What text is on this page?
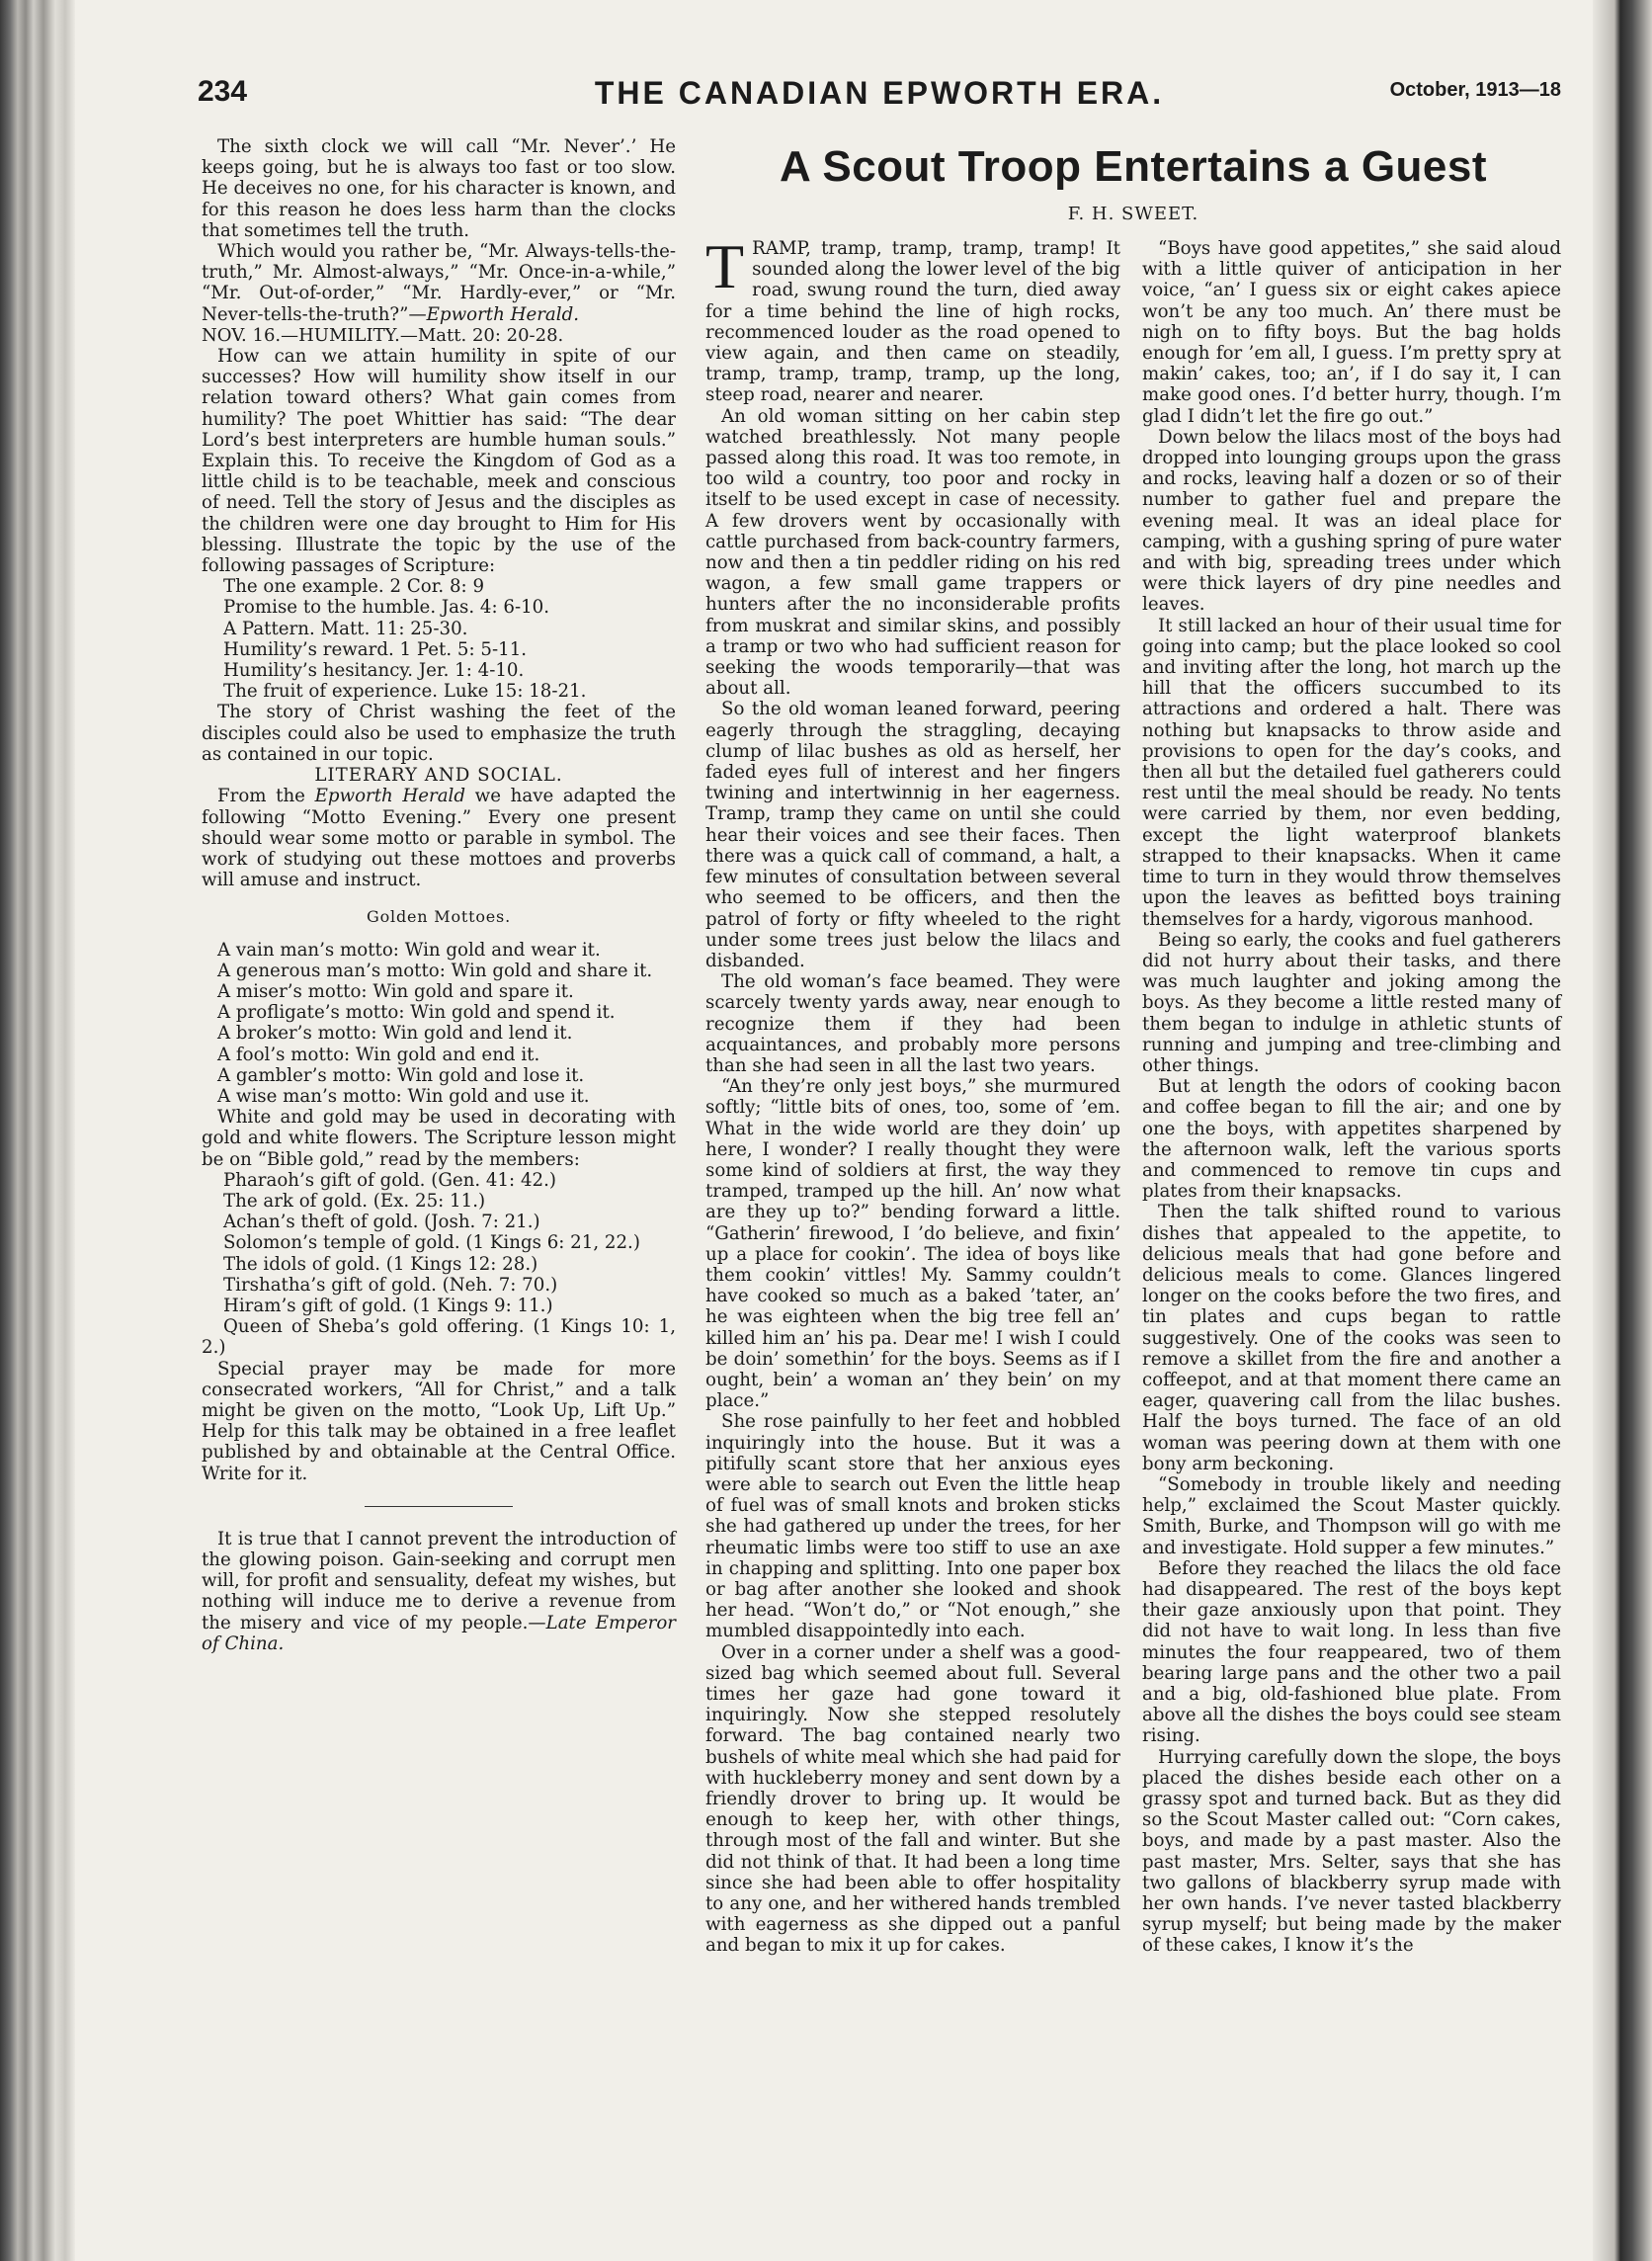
234	THE CANADIAN EPWORTH ERA.	October, 1913—18

The sixth clock we will call “Mr. Never’.’ He keeps going, but he is always too fast or too slow. He deceives no one, for his character is known, and for this reason he does less harm than the clocks that sometimes tell the truth.

Which would you rather be, “Mr. Always-tells-the-truth,” Mr. Almost-always,” “Mr. Once-in-a-while,” “Mr. Out-of-order,” “Mr. Hardly-ever,” or “Mr. Never-tells-the-truth?”—Epworth Herald.

NOV. 16.—HUMILITY.—Matt. 20: 20-28.

How can we attain humility in spite of our successes? How will humility show itself in our relation toward others? What gain comes from humility? The poet Whittier has said: “The dear Lord’s best interpreters are humble human souls.” Explain this. To receive the Kingdom of God as a little child is to be teachable, meek and conscious of need. Tell the story of Jesus and the disciples as the children were one day brought to Him for His blessing. Illustrate the topic by the use of the following passages of Scripture:

The one example. 2 Cor. 8: 9

Promise to the humble. Jas. 4: 6-10.

A Pattern. Matt. 11: 25-30.

Humility’s reward. 1 Pet. 5: 5-11.

Humility’s hesitancy. Jer. 1: 4-10.

The fruit of experience. Luke 15: 18-21.

The story of Christ washing the feet of the disciples could also be used to emphasize the truth as contained in our topic.

LITERARY AND SOCIAL.

From the Epworth Herald we have adapted the following “Motto Evening.” Every one present should wear some motto or parable in symbol. The work of studying out these mottoes and proverbs will amuse and instruct.

Golden Mottoes.

A vain man’s motto: Win gold and wear it.

A generous man’s motto: Win gold and share it.

A miser’s motto: Win gold and spare it.

A profligate’s motto: Win gold and spend it.

A broker’s motto: Win gold and lend it.

A fool’s motto: Win gold and end it.

A gambler’s motto: Win gold and lose it.

A wise man’s motto: Win gold and use it.

White and gold may be used in decorating with gold and white flowers. The Scripture lesson might be on “Bible gold,” read by the members:

Pharaoh’s gift of gold. (Gen. 41: 42.)

The ark of gold. (Ex. 25: 11.)

Achan’s theft of gold. (Josh. 7: 21.)

Solomon’s temple of gold. (1 Kings 6: 21, 22.)

The idols of gold. (1 Kings 12: 28.)

Tirshatha’s gift of gold. (Neh. 7: 70.)

Hiram’s gift of gold. (1 Kings 9: 11.)

Queen of Sheba’s gold offering. (1 Kings 10: 1, 2.)

Special prayer may be made for more consecrated workers, “All for Christ,” and a talk might be given on the motto, “Look Up, Lift Up.” Help for this talk may be obtained in a free leaflet published by and obtainable at the Central Office. Write for it.

It is true that I cannot prevent the introduction of the glowing poison. Gain-seeking and corrupt men will, for profit and sensuality, defeat my wishes, but nothing will induce me to derive a revenue from the misery and vice of my people.—Late Emperor of China.

A Scout Troop Entertains a Guest
F. H. SWEET.

TRAMP, tramp, tramp, tramp, tramp! It sounded along the lower level of the big road, swung round the turn, died away for a time behind the line of high rocks, recommenced louder as the road opened to view again, and then came on steadily, tramp, tramp, tramp, tramp, up the long, steep road, nearer and nearer.

An old woman sitting on her cabin step watched breathlessly. Not many people passed along this road. It was too remote, in too wild a country, too poor and rocky in itself to be used except in case of necessity. A few drovers went by occasionally with cattle purchased from back-country farmers, now and then a tin peddler riding on his red wagon, a few small game trappers or hunters after the no inconsiderable profits from muskrat and similar skins, and possibly a tramp or two who had sufficient reason for seeking the woods temporarily—that was about all.

So the old woman leaned forward, peering eagerly through the straggling, decaying clump of lilac bushes as old as herself, her faded eyes full of interest and her fingers twining and intertwinnig in her eagerness. Tramp, tramp they came on until she could hear their voices and see their faces. Then there was a quick call of command, a halt, a few minutes of consultation between several who seemed to be officers, and then the patrol of forty or fifty wheeled to the right under some trees just below the lilacs and disbanded.

The old woman’s face beamed. They were scarcely twenty yards away, near enough to recognize them if they had been acquaintances, and probably more persons than she had seen in all the last two years.

“An they’re only jest boys,” she murmured softly; “little bits of ones, too, some of ’em. What in the wide world are they doin’ up here, I wonder? I really thought they were some kind of soldiers at first, the way they tramped, tramped up the hill. An’ now what are they up to?” bending forward a little. “Gatherin’ firewood, I ’do believe, and fixin’ up a place for cookin’. The idea of boys like them cookin’ vittles! My. Sammy couldn’t have cooked so much as a baked ’tater, an’ he was eighteen when the big tree fell an’ killed him an’ his pa. Dear me! I wish I could be doin’ somethin’ for the boys. Seems as if I ought, bein’ a woman an’ they bein’ on my place.”

She rose painfully to her feet and hobbled inquiringly into the house. But it was a pitifully scant store that her anxious eyes were able to search out Even the little heap of fuel was of small knots and broken sticks she had gathered up under the trees, for her rheumatic limbs were too stiff to use an axe in chapping and splitting. Into one paper box or bag after another she looked and shook her head. “Won’t do,” or “Not enough,” she mumbled disappointedly into each.

Over in a corner under a shelf was a good-sized bag which seemed about full. Several times her gaze had gone toward it inquiringly. Now she stepped resolutely forward. The bag contained nearly two bushels of white meal which she had paid for with huckleberry money and sent down by a friendly drover to bring up. It would be enough to keep her, with other things, through most of the fall and winter. But she did not think of that. It had been a long time since she had been able to offer hospitality to any one, and her withered hands trembled with eagerness as she dipped out a panful and began to mix it up for cakes.

“Boys have good appetites,” she said aloud with a little quiver of anticipation in her voice, “an’ I guess six or eight cakes apiece won’t be any too much. An’ there must be nigh on to fifty boys. But the bag holds enough for ’em all, I guess. I’m pretty spry at makin’ cakes, too; an’, if I do say it, I can make good ones. I’d better hurry, though. I’m glad I didn’t let the fire go out.”

Down below the lilacs most of the boys had dropped into lounging groups upon the grass and rocks, leaving half a dozen or so of their number to gather fuel and prepare the evening meal. It was an ideal place for camping, with a gushing spring of pure water and with big, spreading trees under which were thick layers of dry pine needles and leaves.

It still lacked an hour of their usual time for going into camp; but the place looked so cool and inviting after the long, hot march up the hill that the officers succumbed to its attractions and ordered a halt. There was nothing but knapsacks to throw aside and provisions to open for the day’s cooks, and then all but the detailed fuel gatherers could rest until the meal should be ready. No tents were carried by them, nor even bedding, except the light waterproof blankets strapped to their knapsacks. When it came time to turn in they would throw themselves upon the leaves as befitted boys training themselves for a hardy, vigorous manhood.

Being so early, the cooks and fuel gatherers did not hurry about their tasks, and there was much laughter and joking among the boys. As they become a little rested many of them began to indulge in athletic stunts of running and jumping and tree-climbing and other things.

But at length the odors of cooking bacon and coffee began to fill the air; and one by one the boys, with appetites sharpened by the afternoon walk, left the various sports and commenced to remove tin cups and plates from their knapsacks.

Then the talk shifted round to various dishes that appealed to the appetite, to delicious meals that had gone before and delicious meals to come. Glances lingered longer on the cooks before the two fires, and tin plates and cups began to rattle suggestively. One of the cooks was seen to remove a skillet from the fire and another a coffeepot, and at that moment there came an eager, quavering call from the lilac bushes. Half the boys turned. The face of an old woman was peering down at them with one bony arm beckoning.

“Somebody in trouble likely and needing help,” exclaimed the Scout Master quickly. Smith, Burke, and Thompson will go with me and investigate. Hold supper a few minutes.”

Before they reached the lilacs the old face had disappeared. The rest of the boys kept their gaze anxiously upon that point. They did not have to wait long. In less than five minutes the four reappeared, two of them bearing large pans and the other two a pail and a big, old-fashioned blue plate. From above all the dishes the boys could see steam rising.

Hurrying carefully down the slope, the boys placed the dishes beside each other on a grassy spot and turned back. But as they did so the Scout Master called out: “Corn cakes, boys, and made by a past master. Also the past master, Mrs. Selter, says that she has two gallons of blackberry syrup made with her own hands. I’ve never tasted blackberry syrup myself; but being made by the maker of these cakes, I know it’s the
